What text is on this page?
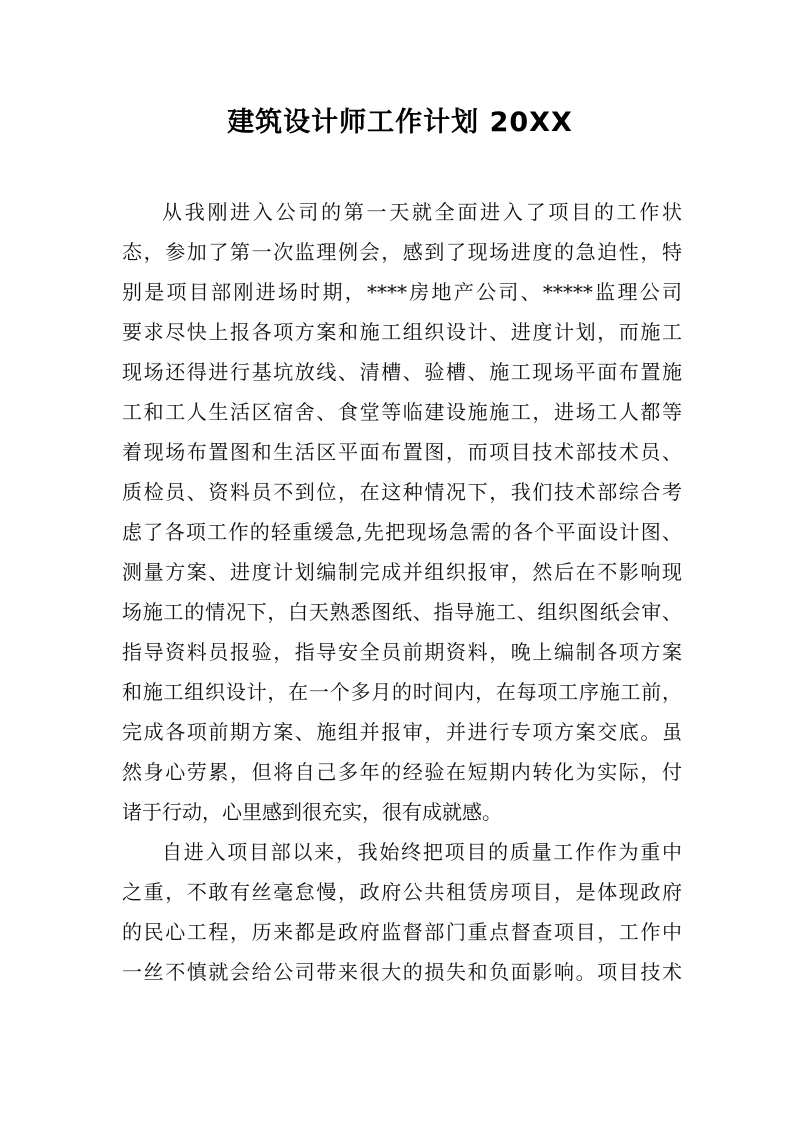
建筑设计师工作计划 20XX
从我刚进入公司的第一天就全面进入了项目的工作状
态，参加了第一次监理例会，感到了现场进度的急迫性，特
别是项目部刚进场时期，****房地产公司、*****监理公司
要求尽快上报各项方案和施工组织设计、进度计划，而施工
现场还得进行基坑放线、清槽、验槽、施工现场平面布置施
工和工人生活区宿舍、食堂等临建设施施工，进场工人都等
着现场布置图和生活区平面布置图，而项目技术部技术员、
质检员、资料员不到位，在这种情况下，我们技术部综合考
虑了各项工作的轻重缓急,先把现场急需的各个平面设计图、
测量方案、进度计划编制完成并组织报审，然后在不影响现
场施工的情况下，白天熟悉图纸、指导施工、组织图纸会审、
指导资料员报验，指导安全员前期资料，晚上编制各项方案
和施工组织设计，在一个多月的时间内，在每项工序施工前，
完成各项前期方案、施组并报审，并进行专项方案交底。虽
然身心劳累，但将自己多年的经验在短期内转化为实际，付
诸于行动，心里感到很充实，很有成就感。
自进入项目部以来，我始终把项目的质量工作作为重中
之重，不敢有丝毫怠慢，政府公共租赁房项目，是体现政府
的民心工程，历来都是政府监督部门重点督查项目，工作中
一丝不慎就会给公司带来很大的损失和负面影响。项目技术
